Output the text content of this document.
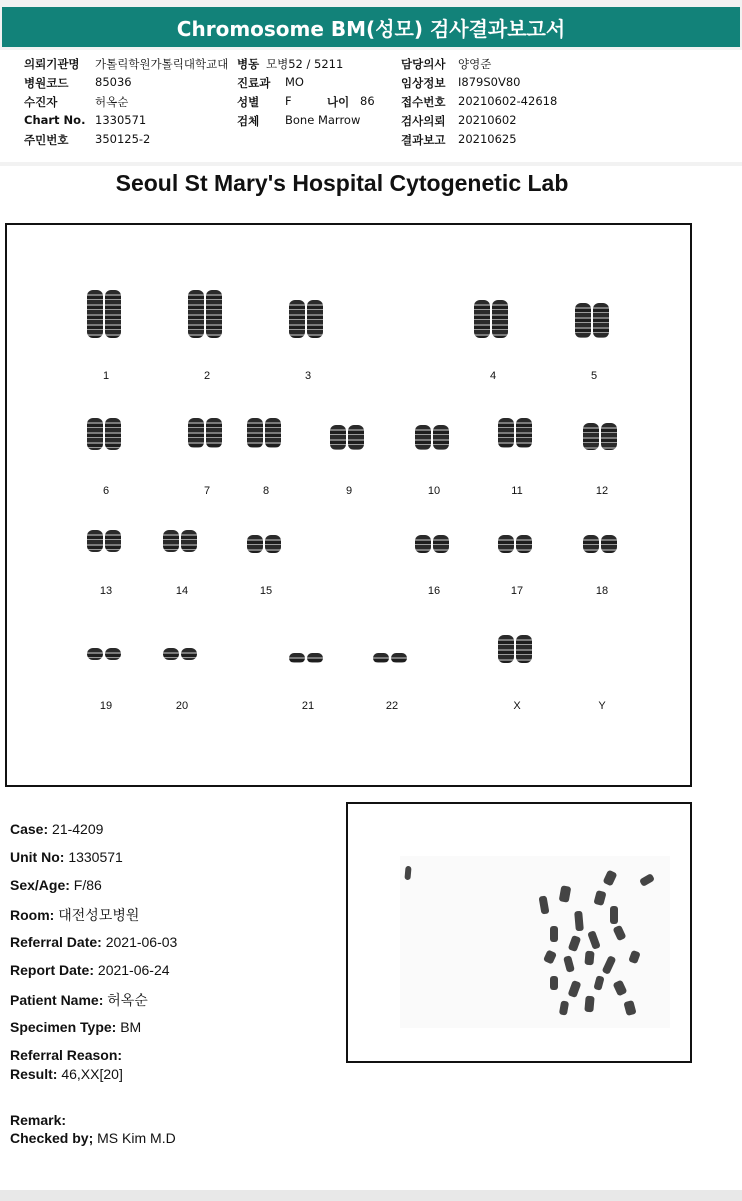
Chromosome BM(성모) 검사결과보고서
의뢰기관명 가톨릭학원가톨릭대학교대 병동 모병52 / 5211
병원코드 85036	진료과 MO
수진자	허옥순	성별 F	나이 86
Chart No. 1330571	검체 Bone Marrow
주민번호 350125-2
담당의사 양영준
임상정보 I879S0V80
접수번호 20210602-42618
검사의뢰 20210602
결과보고 20210625
Seoul St Mary's Hospital Cytogenetic Lab
1	2	3	4	5
6	7	8	9	10	11	12
13	14	15	16	17	18
19	20	21	22	X	Y
Case: 21-4209
Unit No: 1330571
Sex/Age: F/86
Room: 대전성모병원
Referral Date: 2021-06-03
Report Date: 2021-06-24
Patient Name: 허옥순
Specimen Type: BM
Referral Reason:
Result: 46,XX[20]
Remark:
Checked by; MS Kim M.D
